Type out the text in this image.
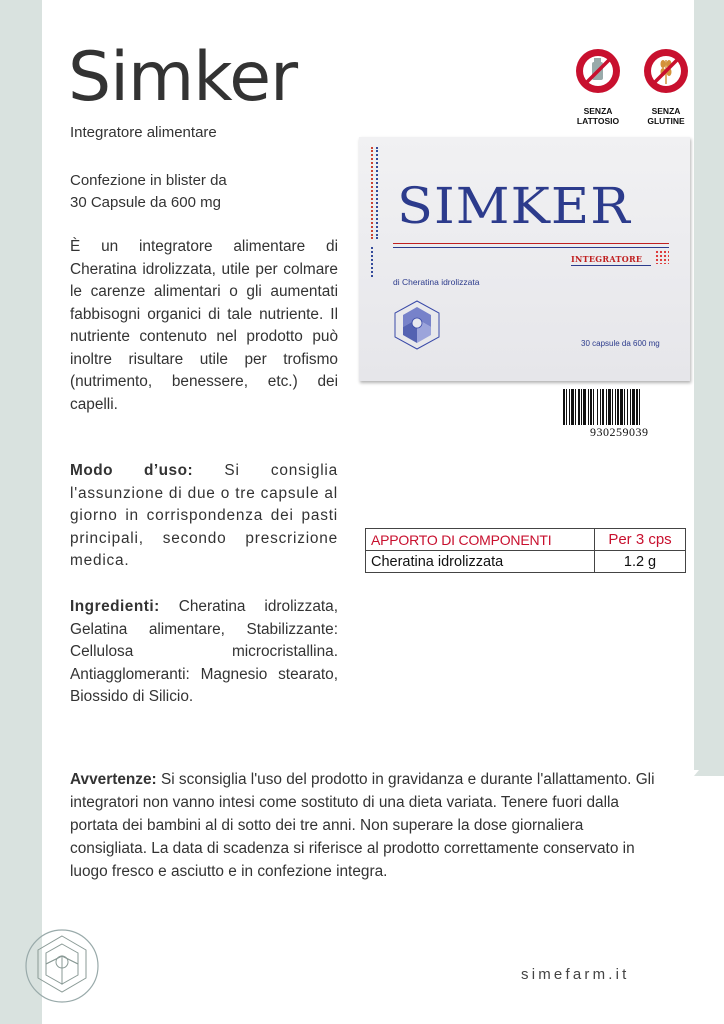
Simker
Integratore alimentare
Confezione in blister da
30 Capsule da 600 mg
È un integratore alimentare di Cheratina idrolizzata, utile per colmare le carenze alimentari o gli aumentati fabbisogni organici di tale nutriente. Il nutriente contenuto nel prodotto può inoltre risultare utile per trofismo (nutrimento, benessere, etc.) dei capelli.
Modo d’uso: Si consiglia l'assunzione di due o tre capsule al giorno in corrispondenza dei pasti principali, secondo prescrizione medica.
Ingredienti: Cheratina idrolizzata, Gelatina alimentare, Stabilizzante: Cellulosa microcristallina. Antiagglomeranti: Magnesio stearato, Biossido di Silicio.
Avvertenze: Si sconsiglia l'uso del prodotto in gravidanza e durante l'allattamento. Gli integratori non vanno intesi come sostituto di una dieta variata. Tenere fuori dalla portata dei bambini al di sotto dei tre anni. Non superare la dose giornaliera consigliata. La data di scadenza si riferisce al prodotto correttamente conservato in luogo fresco e asciutto e in confezione integra.
SENZA
LATTOSIO
SENZA
GLUTINE
SIMKER
INTEGRATORE
di Cheratina idrolizzata
30 capsule da 600 mg
930259039
APPORTO DI COMPONENTI	Per 3 cps
Cheratina idrolizzata	1.2 g
simefarm.it
